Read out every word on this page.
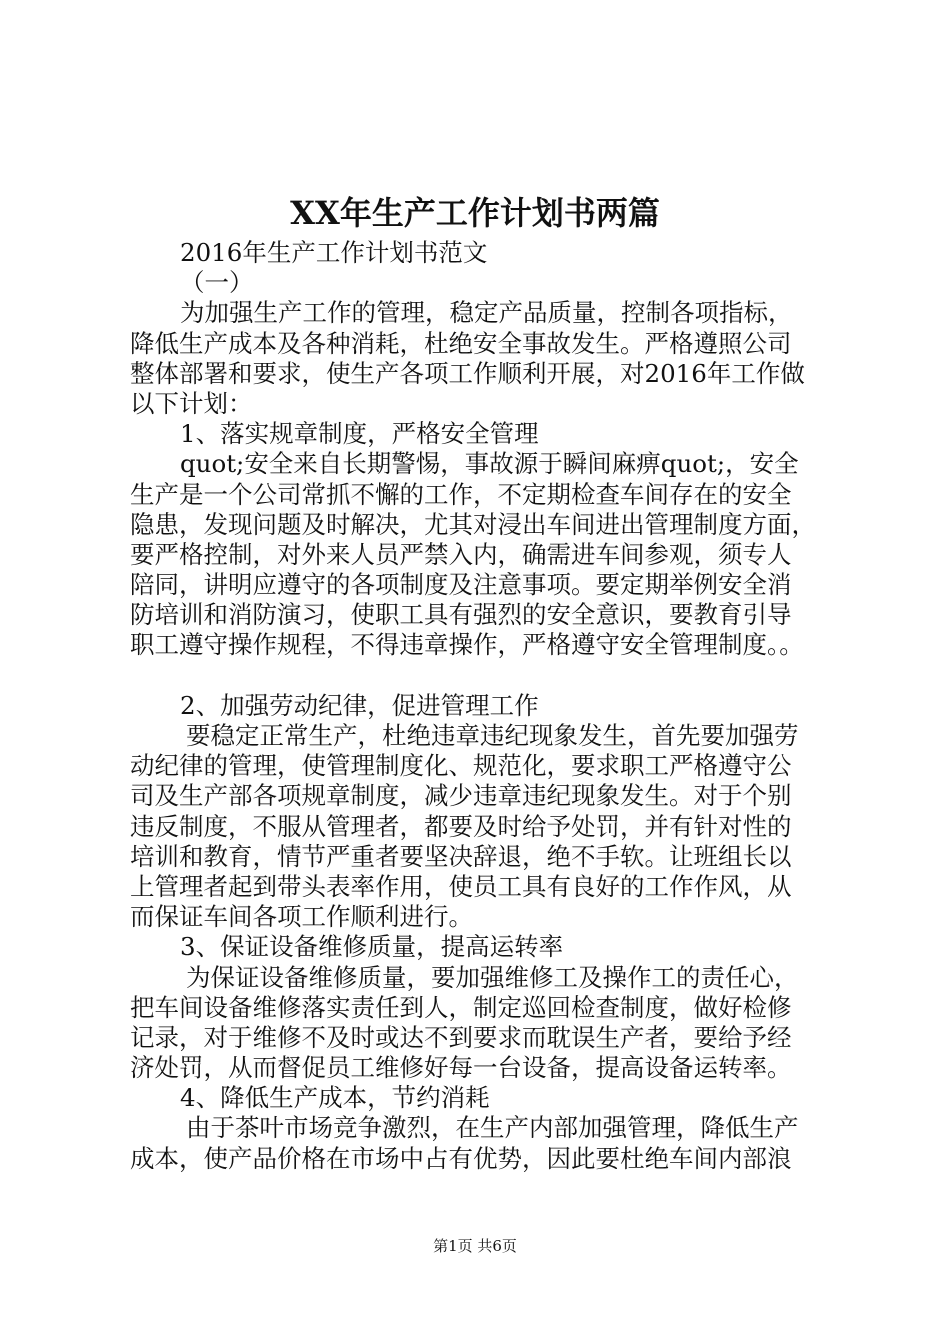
XX年生产工作计划书两篇
2016年生产工作计划书范文
（一）
为加强生产工作的管理，稳定产品质量，控制各项指标，
降低生产成本及各种消耗，杜绝安全事故发生。严格遵照公司
整体部署和要求，使生产各项工作顺利开展，对2016年工作做
以下计划：
1、落实规章制度，严格安全管理
quot;安全来自长期警惕，事故源于瞬间麻痹quot;，安全
生产是一个公司常抓不懈的工作，不定期检查车间存在的安全
隐患，发现问题及时解决，尤其对浸出车间进出管理制度方面，
要严格控制，对外来人员严禁入内，确需进车间参观，须专人
陪同，讲明应遵守的各项制度及注意事项。要定期举例安全消
防培训和消防演习，使职工具有强烈的安全意识，要教育引导
职工遵守操作规程，不得违章操作，严格遵守安全管理制度。。
2、加强劳动纪律，促进管理工作
要稳定正常生产，杜绝违章违纪现象发生，首先要加强劳
动纪律的管理，使管理制度化、规范化，要求职工严格遵守公
司及生产部各项规章制度，减少违章违纪现象发生。对于个别
违反制度，不服从管理者，都要及时给予处罚，并有针对性的
培训和教育，情节严重者要坚决辞退，绝不手软。让班组长以
上管理者起到带头表率作用，使员工具有良好的工作作风，从
而保证车间各项工作顺利进行。
3、保证设备维修质量，提高运转率
为保证设备维修质量，要加强维修工及操作工的责任心，
把车间设备维修落实责任到人，制定巡回检查制度，做好检修
记录，对于维修不及时或达不到要求而耽误生产者，要给予经
济处罚，从而督促员工维修好每一台设备，提高设备运转率。
4、降低生产成本，节约消耗
由于茶叶市场竞争激烈，在生产内部加强管理，降低生产
成本，使产品价格在市场中占有优势，因此要杜绝车间内部浪
第1页 共6页
